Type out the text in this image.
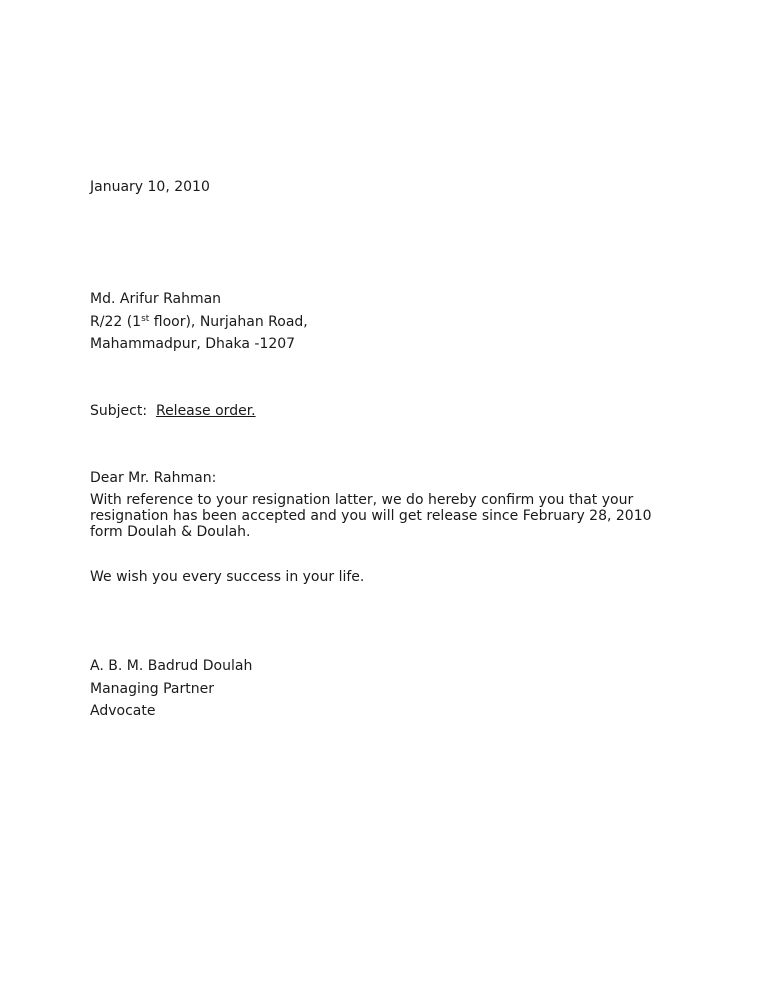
January 10, 2010
Md. Arifur Rahman
R/22 (1st floor), Nurjahan Road,
Mahammadpur, Dhaka -1207
Subject: Release order.
Dear Mr. Rahman:
With reference to your resignation latter, we do hereby confirm you that your
resignation has been accepted and you will get release since February 28, 2010
form Doulah & Doulah.
We wish you every success in your life.
A. B. M. Badrud Doulah
Managing Partner
Advocate
